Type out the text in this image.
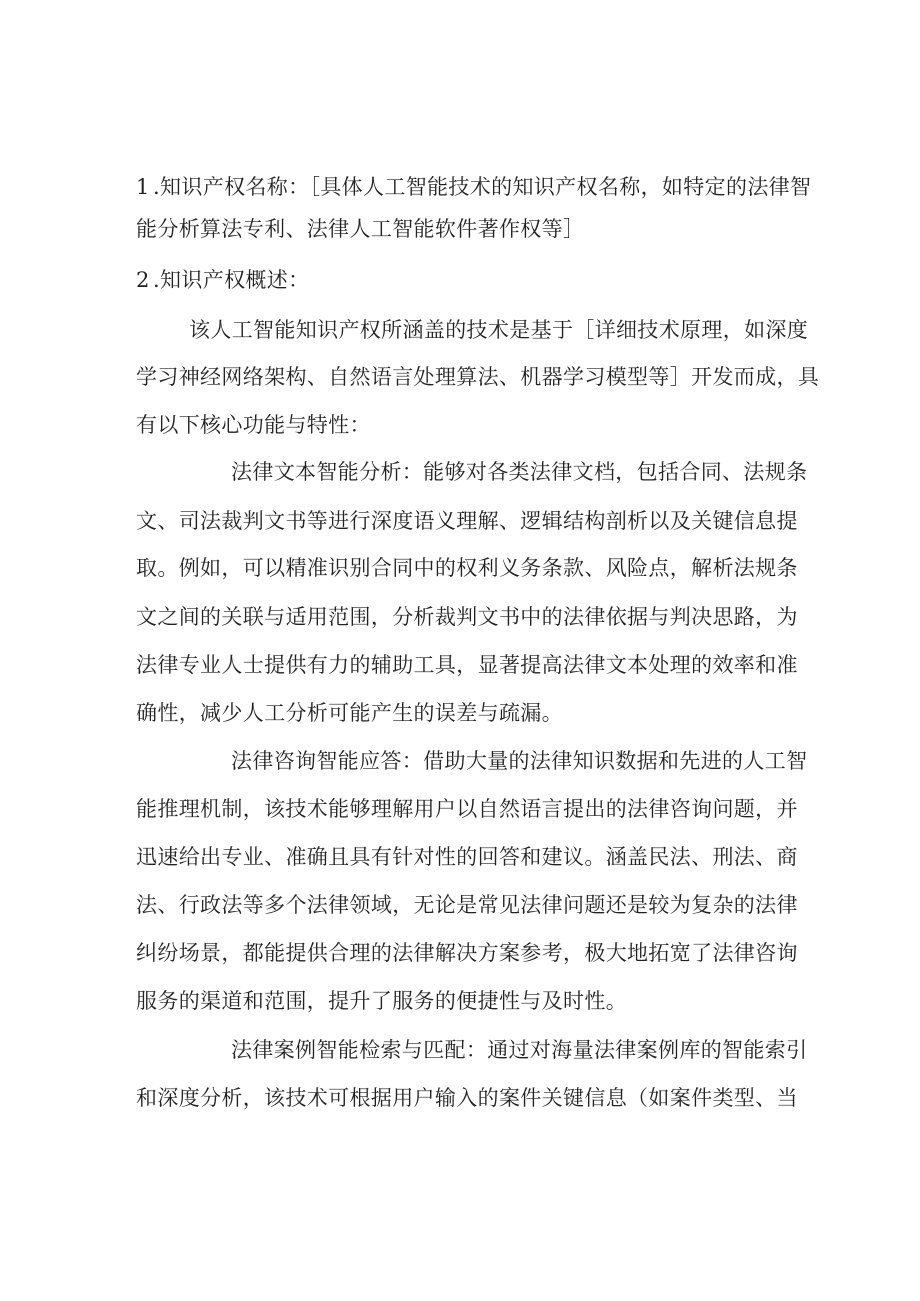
1 .知识产权名称：［具体人工智能技术的知识产权名称，如特定的法律智
能分析算法专利、法律人工智能软件著作权等］
2 .知识产权概述：
该人工智能知识产权所涵盖的技术是基于［详细技术原理，如深度
学习神经网络架构、自然语言处理算法、机器学习模型等］开发而成，具
有以下核心功能与特性：
法律文本智能分析：能够对各类法律文档，包括合同、法规条
文、司法裁判文书等进行深度语义理解、逻辑结构剖析以及关键信息提
取。例如，可以精准识别合同中的权利义务条款、风险点，解析法规条
文之间的关联与适用范围，分析裁判文书中的法律依据与判决思路，为
法律专业人士提供有力的辅助工具，显著提高法律文本处理的效率和准
确性，减少人工分析可能产生的误差与疏漏。
法律咨询智能应答：借助大量的法律知识数据和先进的人工智
能推理机制，该技术能够理解用户以自然语言提出的法律咨询问题，并
迅速给出专业、准确且具有针对性的回答和建议。涵盖民法、刑法、商
法、行政法等多个法律领域，无论是常见法律问题还是较为复杂的法律
纠纷场景，都能提供合理的法律解决方案参考，极大地拓宽了法律咨询
服务的渠道和范围，提升了服务的便捷性与及时性。
法律案例智能检索与匹配：通过对海量法律案例库的智能索引
和深度分析，该技术可根据用户输入的案件关键信息（如案件类型、当
